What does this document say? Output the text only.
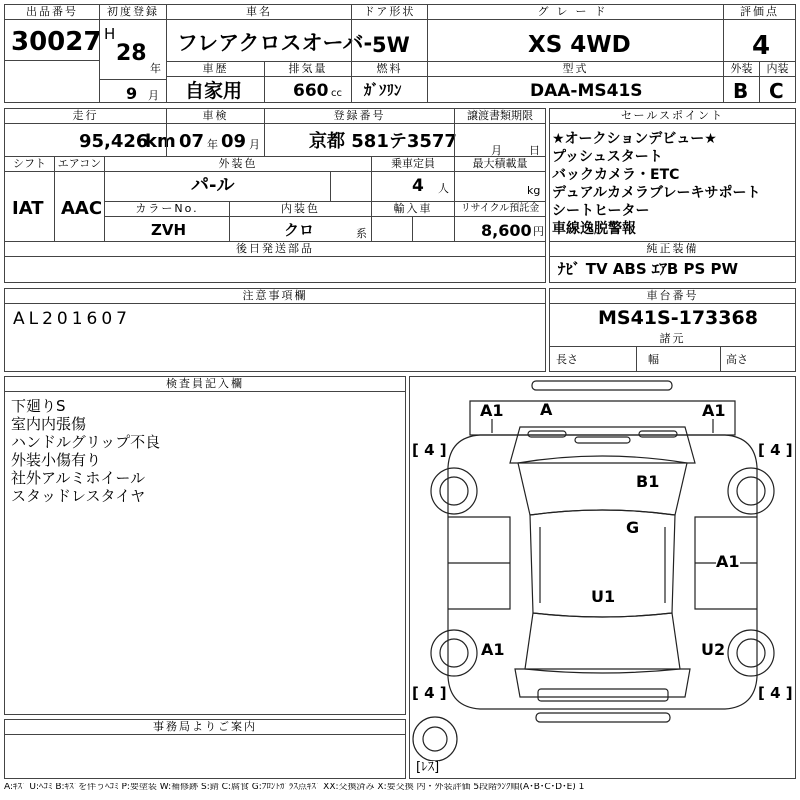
出品番号
30027
初度登録
H
28
年
9 月
車名
フレアクロスオーバ-
ドア形状
5W
グレード
XS 4WD
評価点
4
車歴
自家用
排気量
660 cc
燃料
ｶﾞｿﾘﾝ
型式
DAA-MS41S
外装
B
内装
C
走行
95,426
km
車検
07 年 09 月
登録番号
京都 581テ3577
譲渡書類期限
月 日
シフト
IAT
エアコン
AAC
外装色
パ-ル
乗車定員
4 人
最大積載量
kg
カラーNo.
ZVH
内装色
クロ	系
輸入車	リサイクル預託金
8,600 円
後日発送部品
セールスポイント
★オークションデビュー★
プッシュスタート
バックカメラ・ETC
デュアルカメラブレーキサポート
シートヒーター
車線逸脱警報
純正装備
ﾅﾋﾞ TV ABS ｴｱB PS PW
注意事項欄
AL201607
車台番号
MS41S-173368
諸元
長さ	幅	高さ
検査員記入欄
下廻りS
室内内張傷
ハンドルグリップ不良
外装小傷有り
社外アルミホイール
スタッドレスタイヤ
事務局よりご案内
A1 A	A1
B1
G
A1
U1
A1	U2
[ 4 ]	[ 4 ]
[ 4 ]	[ 4 ]
[ﾚｽ]
A:ｷｽﾞ U:ﾍｺﾐ B:ｷｽﾞを伴うﾍｺﾐ P:要塗装 W:補修跡 S:錆 C:腐食 G:ﾌﾛﾝﾄｶﾞﾗｽ点ｷｽﾞ XX:交換済み X:要交換 内・外装評価 5段階ﾗﾝｸ順(A･B･C･D･E) 1
